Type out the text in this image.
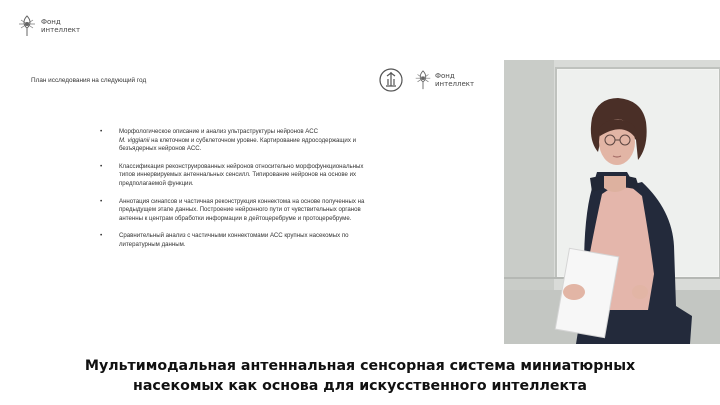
Фонд
интеллект
План исследования на следующий год
Фонд
интеллект
• Морфологическое описание и анализ ультраструктуры нейронов АСС
M. viggianii на клеточном и субклеточном уровне. Картирование ядросодержащих и безъядерных нейронов АСС.
• Классификация реконструированных нейронов относительно морфофункциональных типов иннервируемых антеннальных сенсилл. Типирование нейронов на основе их предполагаемой функции.
• Аннотация синапсов и частичная реконструкция коннектома на основе полученных на предыдущем этапе данных. Построение нейронного пути от чувствительных органов антенны к центрам обработки информации в дейтоцеребруме и протоцеребруме.
• Сравнительный анализ с частичными коннектомами АСС крупных насекомых по литературным данным.
Мультимодальная антеннальная сенсорная система миниатюрных
насекомых как основа для искусственного интеллекта
